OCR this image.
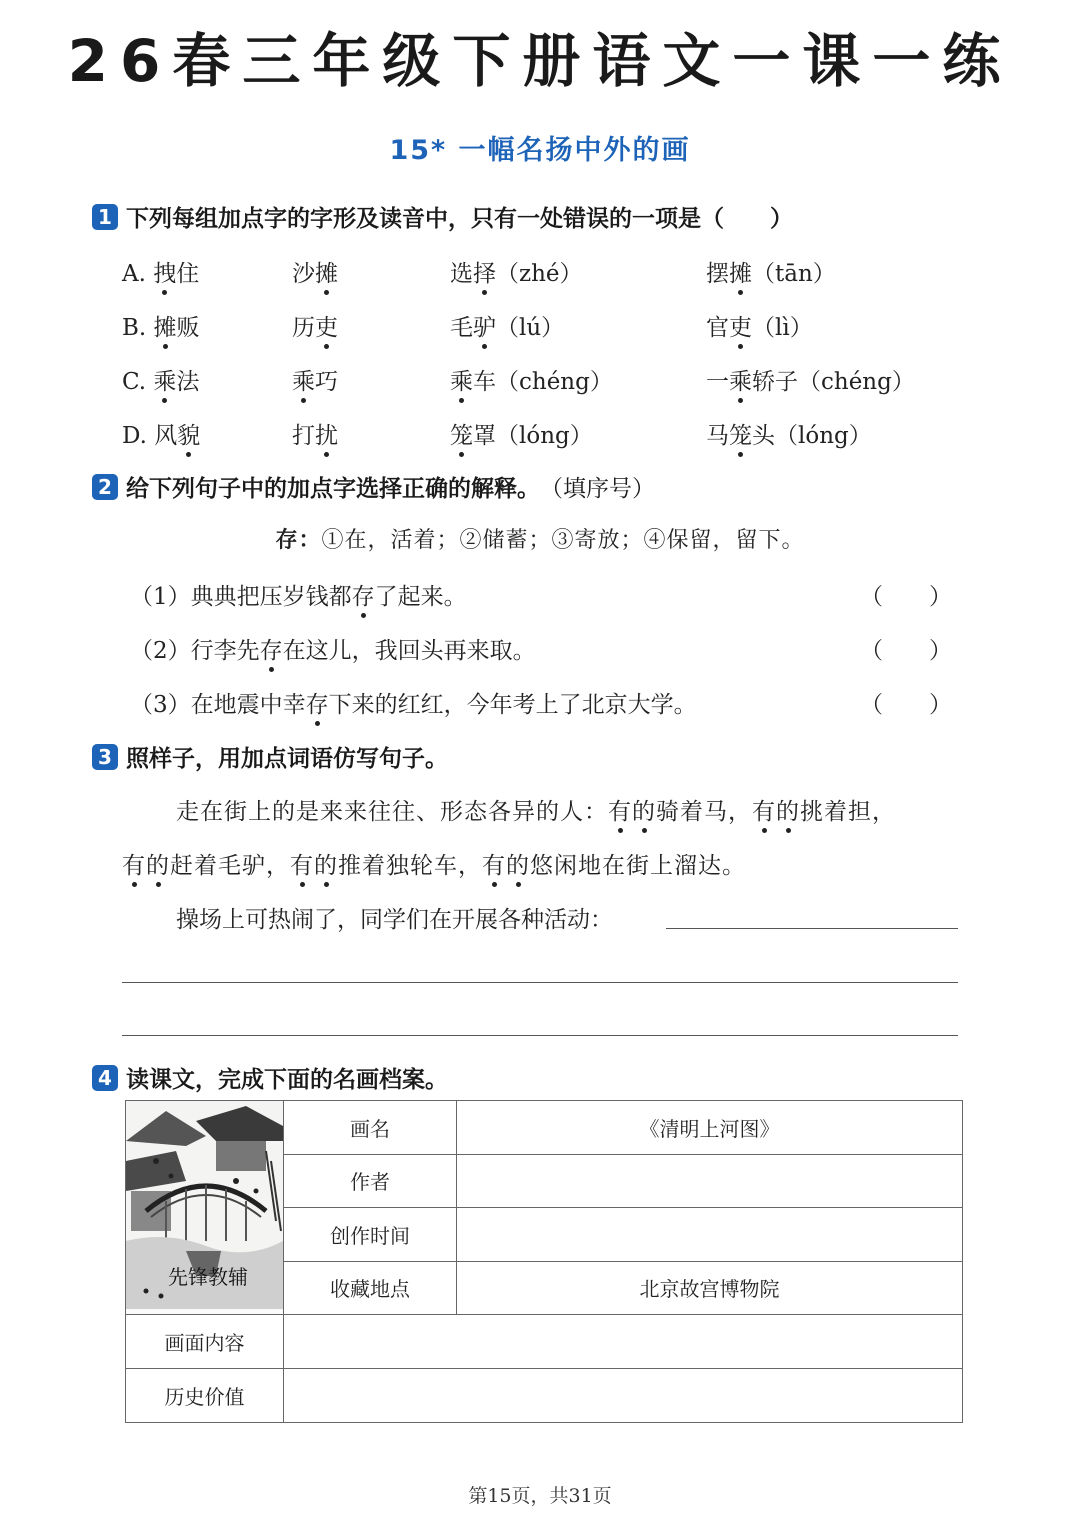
26春三年级下册语文一课一练
15* 一幅名扬中外的画
1 下列每组加点字的字形及读音中，只有一处错误的一项是（　　）
A. 拽住	沙摊	选择（zhé）	摆摊（tān）
B. 摊贩	历吏	毛驴（lú）	官吏（lì）
C. 乘法	乘巧	乘车（chéng）	一乘轿子（chéng）
D. 风貌	打扰	笼罩（lóng）	马笼头（lóng）
2 给下列句子中的加点字选择正确的解释。 （填序号）
存：①在，活着；②储蓄；③寄放；④保留，留下。
（1）典典把压岁钱都存了起来。	（　　）
（2）行李先存在这儿，我回头再来取。	（　　）
（3）在地震中幸存下来的红红，今年考上了北京大学。	（　　）
3 照样子，用加点词语仿写句子。
走在街上的是来来往往、形态各异的人：有的骑着马，有的挑着担，
有的赶着毛驴，有的推着独轮车，有的悠闲地在街上溜达。
操场上可热闹了，同学们在开展各种活动：
4 读课文，完成下面的名画档案。
先锋教辅	画名	《清明上河图》
	作者	
	创作时间	
	收藏地点	北京故宫博物院
画面内容		
历史价值		
第15页，共31页
